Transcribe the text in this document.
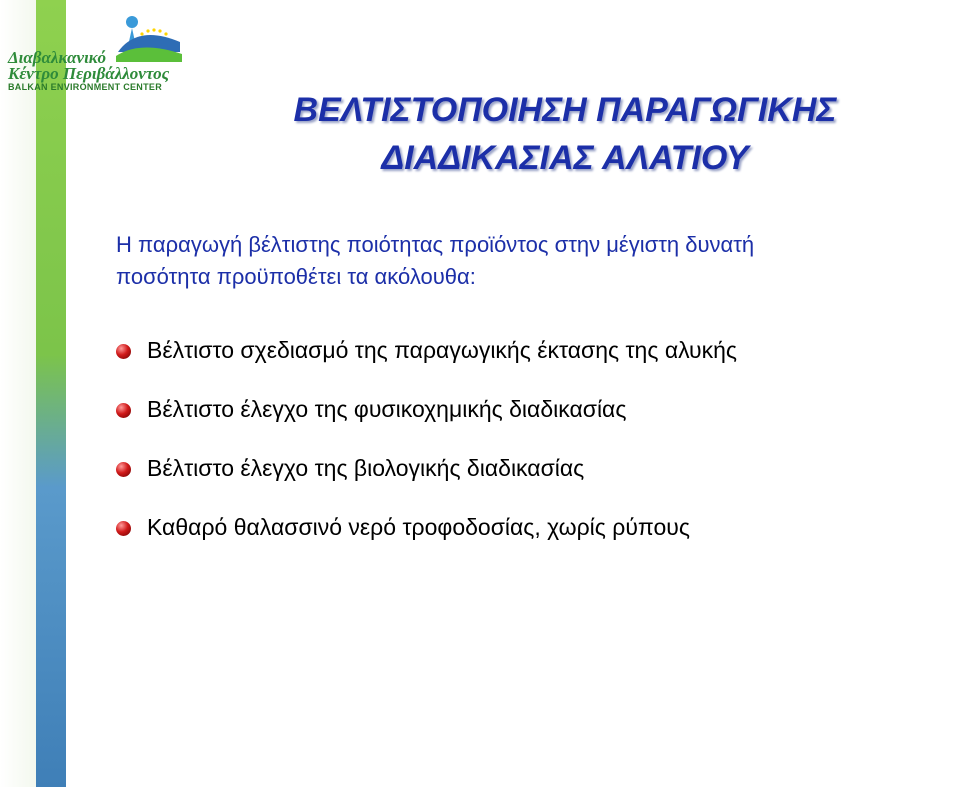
Διαβαλκανικό
Κέντρο Περιβάλλοντος
BALKAN ENVIRONMENT CENTER
ΒΕΛΤΙΣΤΟΠΟΙΗΣΗ ΠΑΡΑΓΩΓΙΚΗΣ
ΔΙΑΔΙΚΑΣΙΑΣ ΑΛΑΤΙΟΥ
Η παραγωγή βέλτιστης ποιότητας προϊόντος στην μέγιστη δυνατή
ποσότητα προϋποθέτει τα ακόλουθα:
Βέλτιστο σχεδιασμό της παραγωγικής έκτασης της αλυκής
Βέλτιστο έλεγχο της φυσικοχημικής διαδικασίας
Βέλτιστο έλεγχο της βιολογικής διαδικασίας
Καθαρό θαλασσινό νερό τροφοδοσίας, χωρίς ρύπους
